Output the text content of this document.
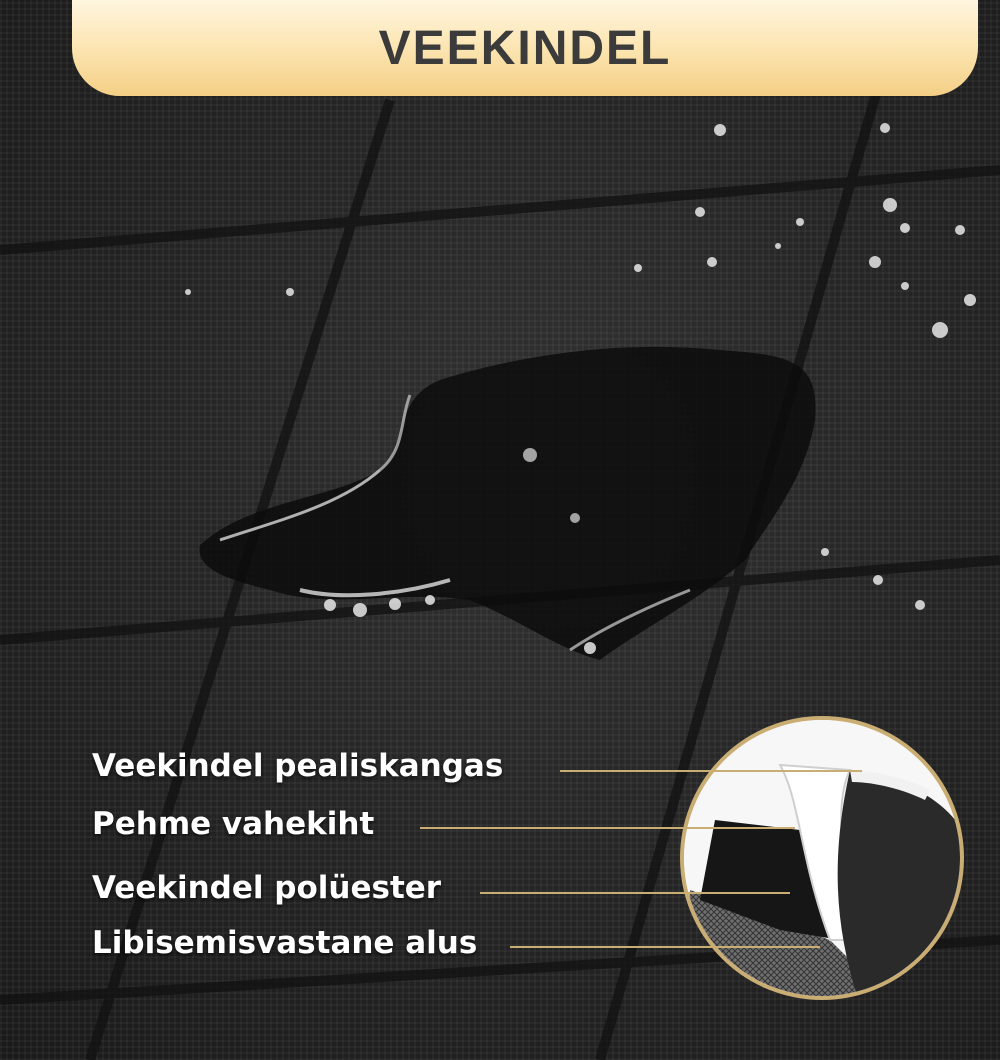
VEEKINDEL
Veekindel pealiskangas
Pehme vahekiht
Veekindel polüester
Libisemisvastane alus
